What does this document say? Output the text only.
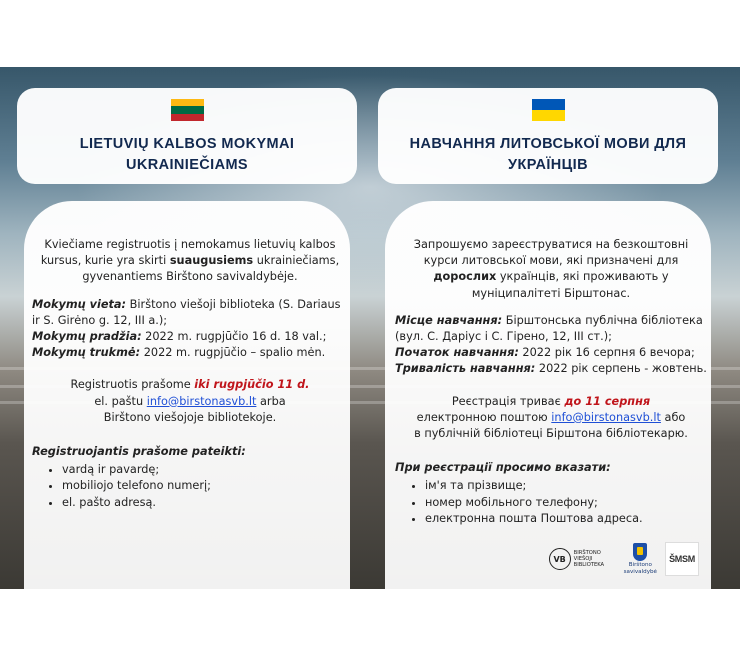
LIETUVIŲ KALBOS MOKYMAI
UKRAINIEČIAMS
НАВЧАННЯ ЛИТОВСЬКОЇ МОВИ ДЛЯ
УКРАЇНЦІВ

Kviečiame registruotis į nemokamus lietuvių kalbos kursus, kurie yra skirti suaugusiems ukrainiečiams, gyvenantiems Birštono savivaldybėje.

Mokymų vieta: Birštono viešoji biblioteka (S. Dariaus ir S. Girėno g. 12, III a.);

Mokymų pradžia: 2022 m. rugpjūčio 16 d. 18 val.;

Mokymų trukmė: 2022 m. rugpjūčio – spalio mėn.

Registruotis prašome iki rugpjūčio 11 d.
el. paštu info@birstonasvb.lt arba
Birštono viešojoje bibliotekoje.

Registruojantis prašome pateikti:

• vardą ir pavardę;
• mobiliojo telefono numerį;
• el. pašto adresą.

Запрошуємо зареєструватися на безкоштовні курси литовської мови, які призначені для дорослих українців, які проживають у муніципалітеті Бірштонас.

Місце навчання: Бірштонська публічна бібліотека (вул. С. Даріус і С. Гірено, 12, III ст.);

Початок навчання: 2022 рік 16 серпня 6 вечора;

Тривалість навчання: 2022 рік серпень - жовтень.

Реєстрація триває до 11 серпня
електронною поштою info@birstonasvb.lt або
в публічній бібліотеці Бірштона бібліотекарю.

При реєстрації просимо вказати:

• ім'я та прізвище;
• номер мобільного телефону;
• електронна пошта Поштова адреса.
VB
BIRŠTONO VIEŠOJI BIBLIOTEKA	Birštono
savivaldybė
ŠMSM
